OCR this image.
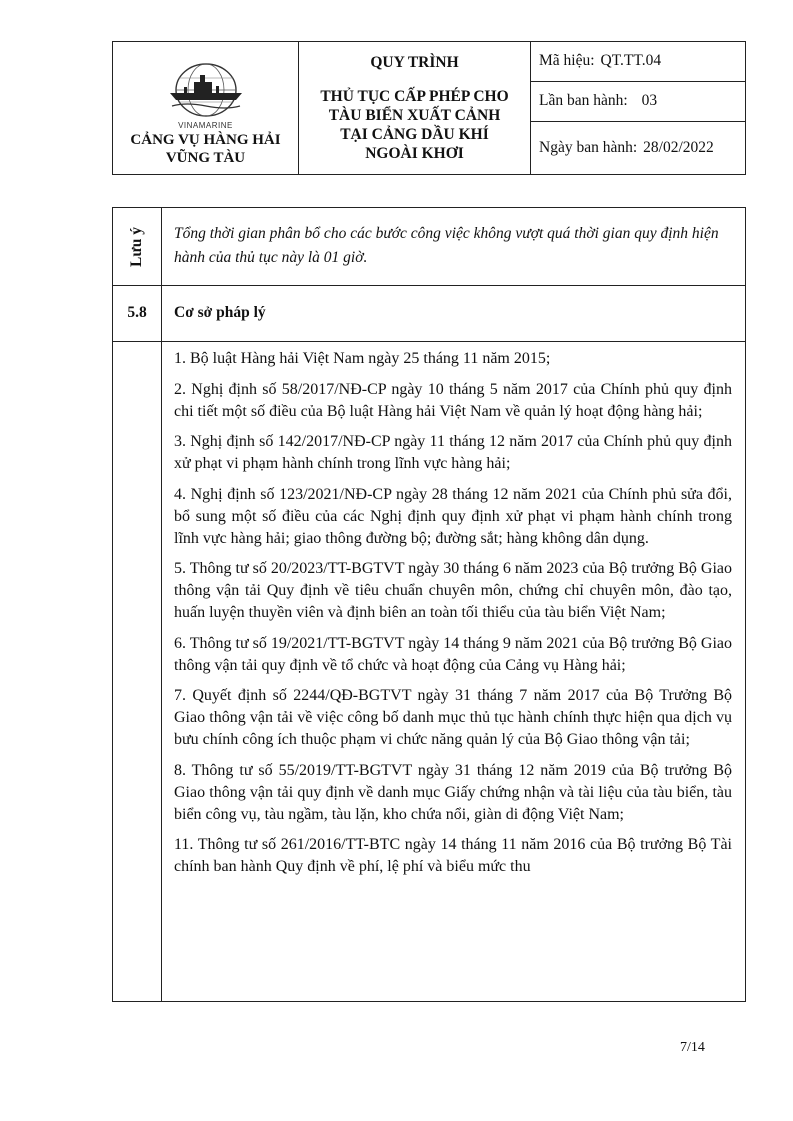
VINAMARINE
CẢNG VỤ HÀNG HẢI
VŨNG TÀU
QUY TRÌNH
THỦ TỤC CẤP PHÉP CHO
TÀU BIỂN XUẤT CẢNH
TẠI CẢNG DẦU KHÍ
NGOÀI KHƠI
Mã hiệu: QT.TT.04
Lần ban hành: 03
Ngày ban hành: 28/02/2022
Lưu ý Tổng thời gian phân bổ cho các bước công việc không vượt quá thời gian quy định hiện hành của thủ tục này là 01 giờ.
5.8	Cơ sở pháp lý
1. Bộ luật Hàng hải Việt Nam ngày 25 tháng 11 năm 2015;
2. Nghị định số 58/2017/NĐ-CP ngày 10 tháng 5 năm 2017 của Chính phủ quy định chi tiết một số điều của Bộ luật Hàng hải Việt Nam về quản lý hoạt động hàng hải;
3. Nghị định số 142/2017/NĐ-CP ngày 11 tháng 12 năm 2017 của Chính phủ quy định xử phạt vi phạm hành chính trong lĩnh vực hàng hải;
4. Nghị định số 123/2021/NĐ-CP ngày 28 tháng 12 năm 2021 của Chính phủ sửa đổi, bổ sung một số điều của các Nghị định quy định xử phạt vi phạm hành chính trong lĩnh vực hàng hải; giao thông đường bộ; đường sắt; hàng không dân dụng.
5. Thông tư số 20/2023/TT-BGTVT ngày 30 tháng 6 năm 2023 của Bộ trưởng Bộ Giao thông vận tải Quy định về tiêu chuẩn chuyên môn, chứng chỉ chuyên môn, đào tạo, huấn luyện thuyền viên và định biên an toàn tối thiểu của tàu biển Việt Nam;
6. Thông tư số 19/2021/TT-BGTVT ngày 14 tháng 9 năm 2021 của Bộ trưởng Bộ Giao thông vận tải quy định về tổ chức và hoạt động của Cảng vụ Hàng hải;
7. Quyết định số 2244/QĐ-BGTVT ngày 31 tháng 7 năm 2017 của Bộ Trưởng Bộ Giao thông vận tải về việc công bố danh mục thủ tục hành chính thực hiện qua dịch vụ bưu chính công ích thuộc phạm vi chức năng quản lý của Bộ Giao thông vận tải;
8. Thông tư số 55/2019/TT-BGTVT ngày 31 tháng 12 năm 2019 của Bộ trưởng Bộ Giao thông vận tải quy định về danh mục Giấy chứng nhận và tài liệu của tàu biển, tàu biển công vụ, tàu ngầm, tàu lặn, kho chứa nổi, giàn di động Việt Nam;
11. Thông tư số 261/2016/TT-BTC ngày 14 tháng 11 năm 2016 của Bộ trưởng Bộ Tài chính ban hành Quy định về phí, lệ phí và biểu mức thu
7/14
